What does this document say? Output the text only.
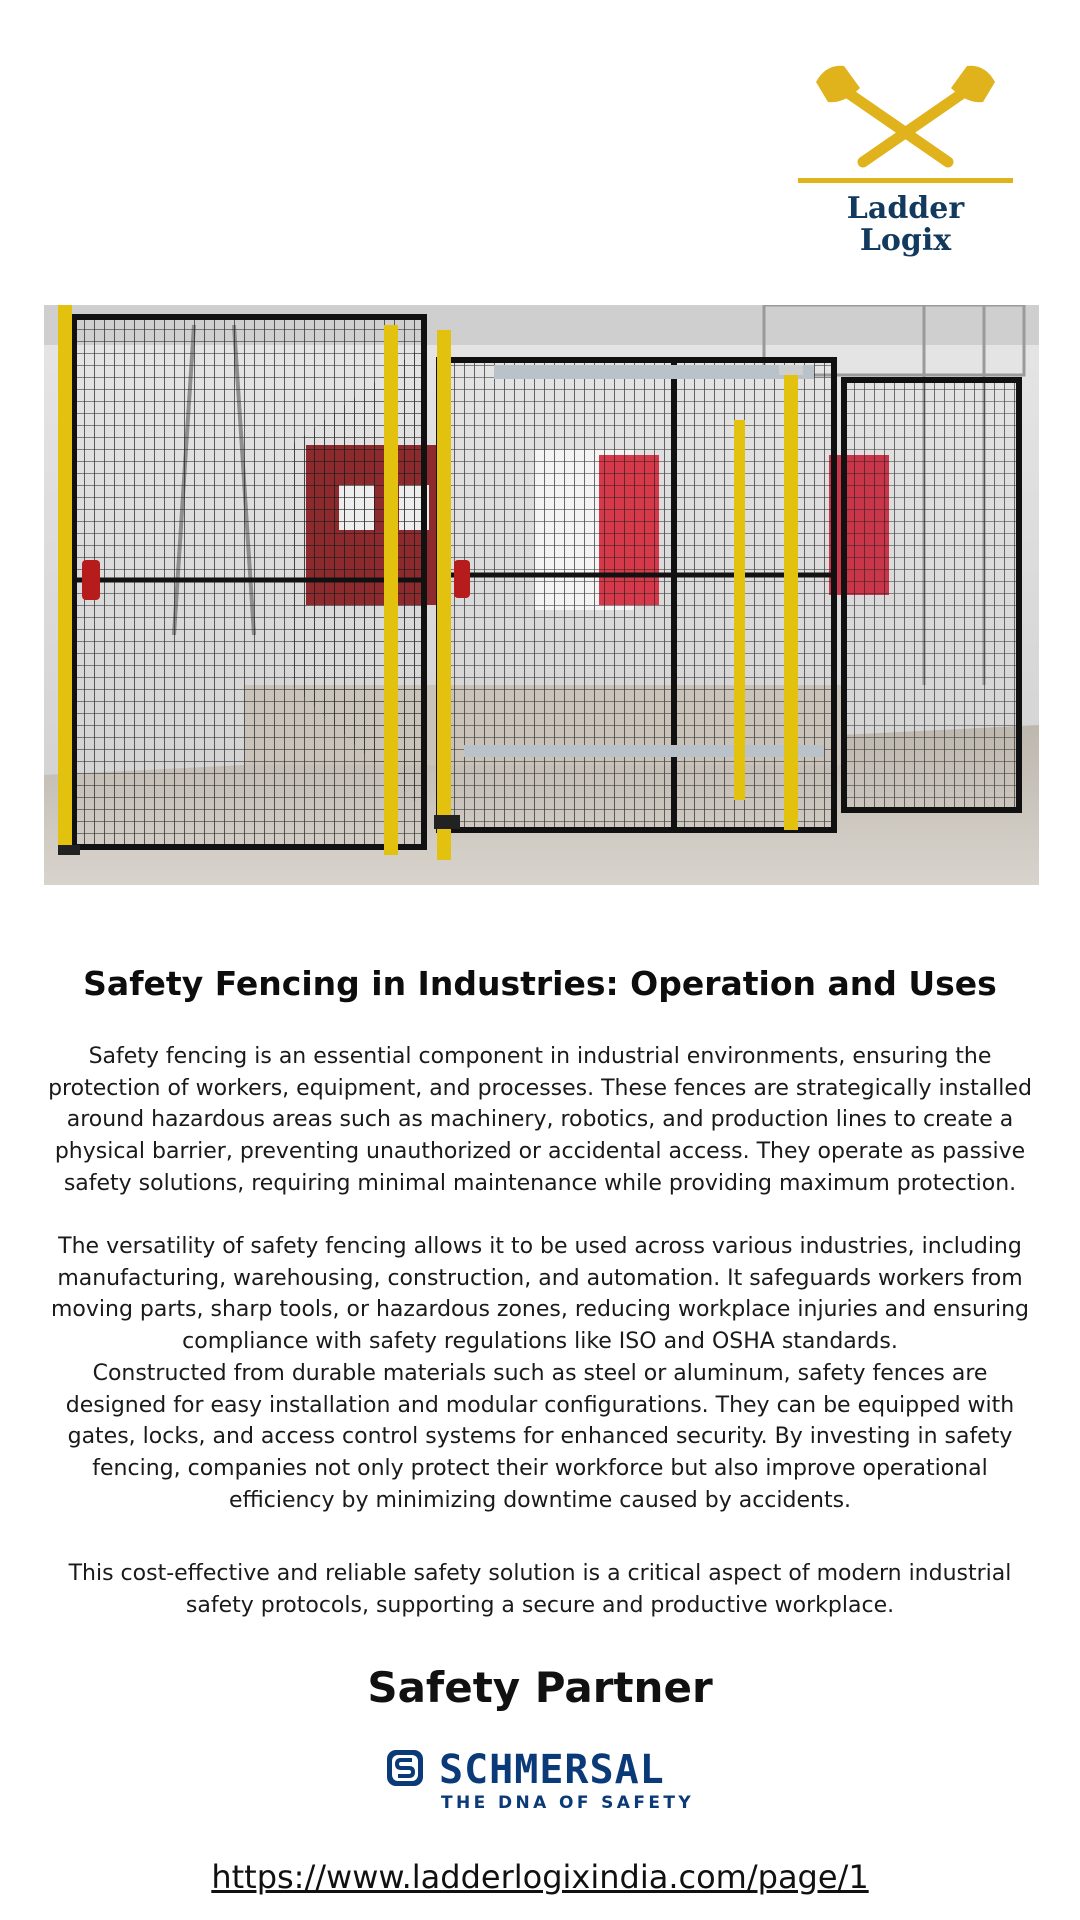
Ladder
Logix
Safety Fencing in Industries: Operation and Uses

Safety fencing is an essential component in industrial environments, ensuring the protection of workers, equipment, and processes. These fences are strategically installed around hazardous areas such as machinery, robotics, and production lines to create a physical barrier, preventing unauthorized or accidental access. They operate as passive safety solutions, requiring minimal maintenance while providing maximum protection.

The versatility of safety fencing allows it to be used across various industries, including manufacturing, warehousing, construction, and automation. It safeguards workers from moving parts, sharp tools, or hazardous zones, reducing workplace injuries and ensuring compliance with safety regulations like ISO and OSHA standards.

Constructed from durable materials such as steel or aluminum, safety fences are designed for easy installation and modular configurations. They can be equipped with gates, locks, and access control systems for enhanced security. By investing in safety fencing, companies not only protect their workforce but also improve operational efficiency by minimizing downtime caused by accidents.

This cost-effective and reliable safety solution is a critical aspect of modern industrial safety protocols, supporting a secure and productive workplace.

Safety Partner
SCHMERSAL
THE DNA OF SAFETY
https://www.ladderlogixindia.com/page/1
